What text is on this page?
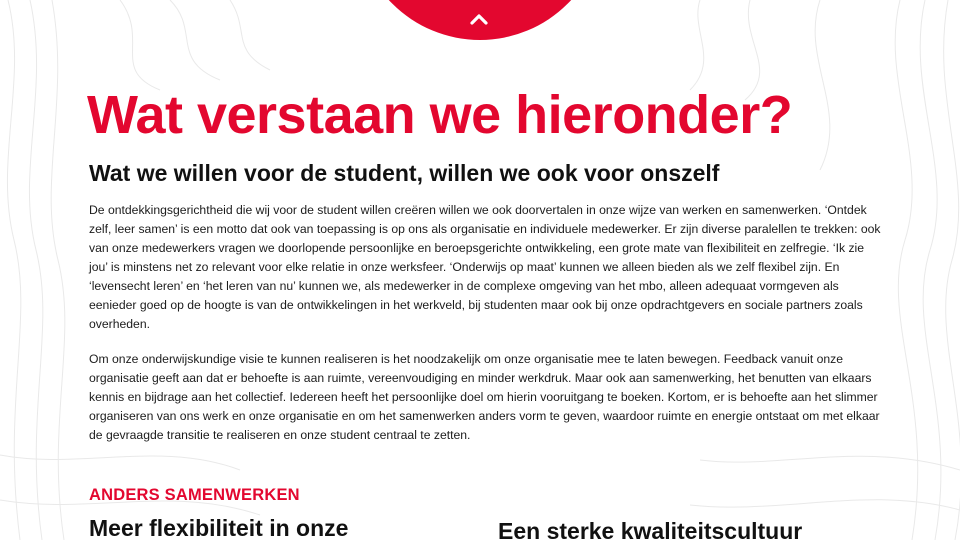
Wat verstaan we hieronder?
Wat we willen voor de student, willen we ook voor onszelf

De ontdekkingsgerichtheid die wij voor de student willen creëren willen we ook doorvertalen in onze wijze van werken en samenwerken. ‘Ontdek zelf, leer samen’ is een motto dat ook van toepassing is op ons als organisatie en individuele medewerker. Er zijn diverse paralellen te trekken: ook van onze medewerkers vragen we doorlopende persoonlijke en beroepsgerichte ontwikkeling, een grote mate van flexibiliteit en zelfregie. ‘Ik zie jou’ is minstens net zo relevant voor elke relatie in onze werksfeer. ‘Onderwijs op maat’ kunnen we alleen bieden als we zelf flexibel zijn. En ‘levensecht leren’ en ‘het leren van nu’ kunnen we, als medewerker in de complexe omgeving van het mbo, alleen adequaat vormgeven als eenieder goed op de hoogte is van de ontwikkelingen in het werkveld, bij studenten maar ook bij onze opdrachtgevers en sociale partners zoals overheden.

Om onze onderwijskundige visie te kunnen realiseren is het noodzakelijk om onze organisatie mee te laten bewegen. Feedback vanuit onze organisatie geeft aan dat er behoefte is aan ruimte, vereenvoudiging en minder werkdruk. Maar ook aan samenwerking, het benutten van elkaars kennis en bijdrage aan het collectief. Iedereen heeft het persoonlijke doel om hierin vooruitgang te boeken. Kortom, er is behoefte aan het slimmer organiseren van ons werk en onze organisatie en om het samenwerken anders vorm te geven, waardoor ruimte en energie ontstaat om met elkaar de gevraagde transitie te realiseren en onze student centraal te zetten.

ANDERS SAMENWERKEN
Meer flexibiliteit in onze	Een sterke kwaliteitscultuur
